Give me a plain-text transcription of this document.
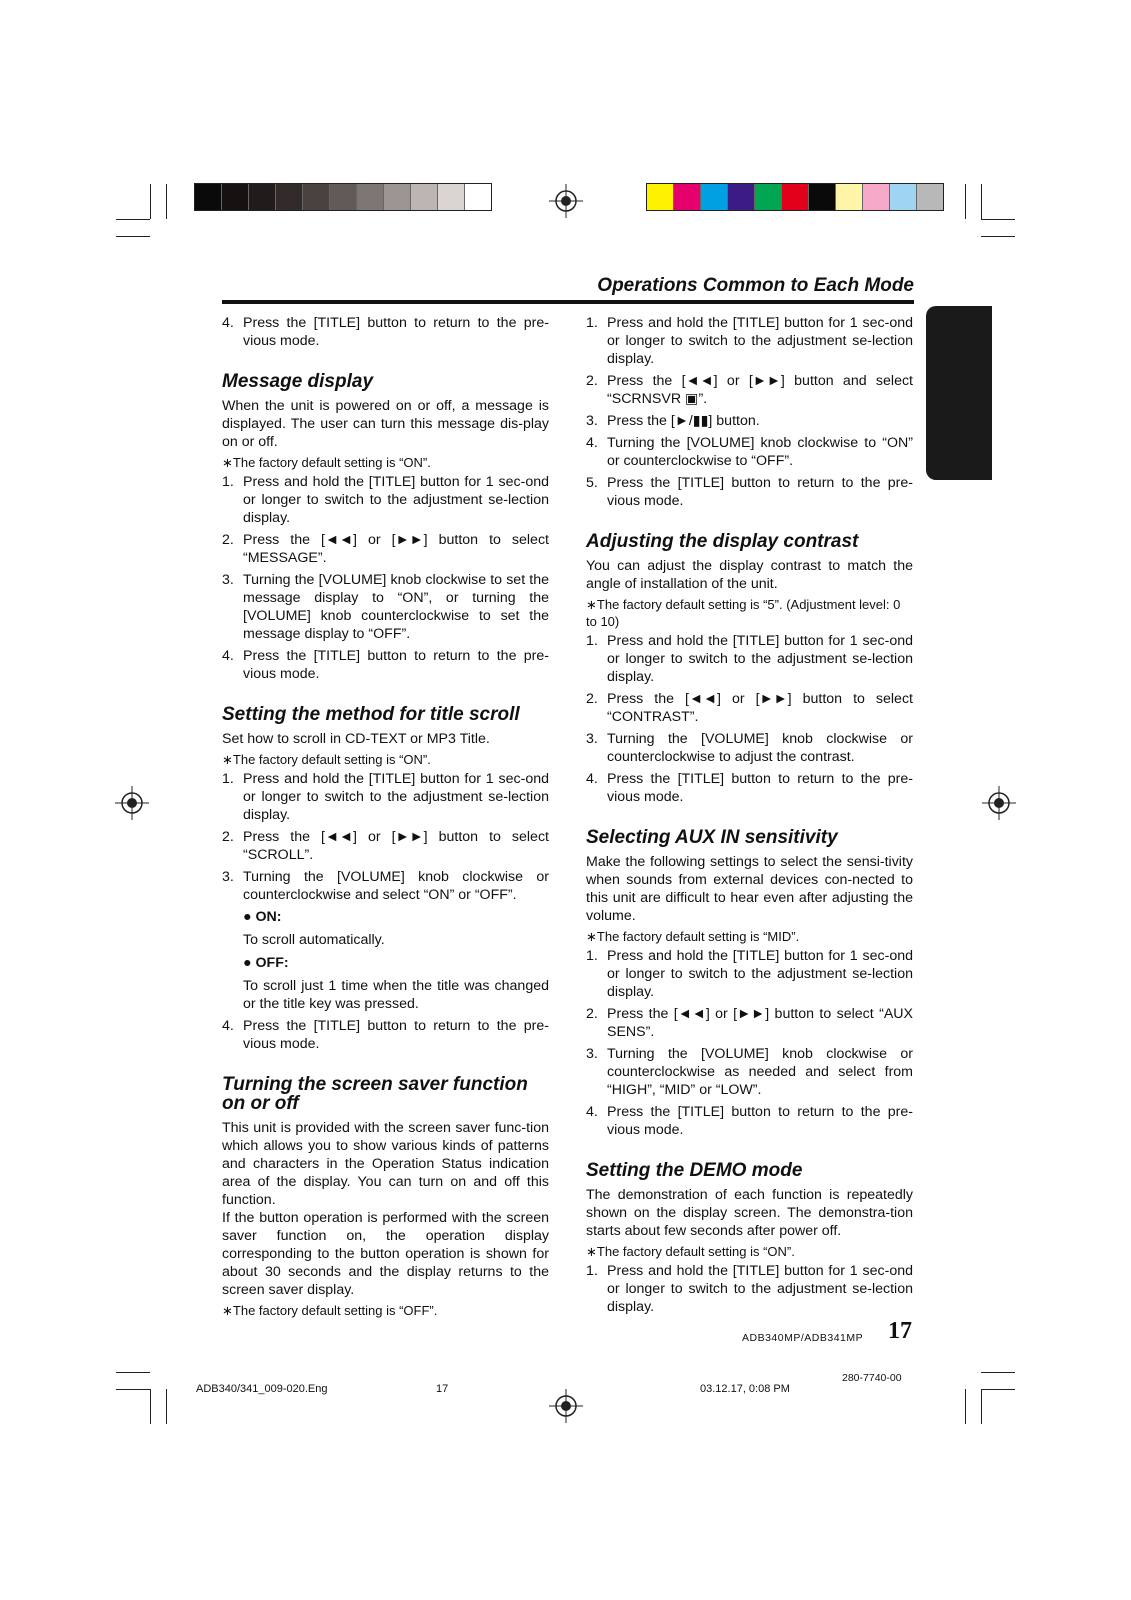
Operations Common to Each Mode
English
4. Press the [TITLE] button to return to the pre-vious mode.
Message display

When the unit is powered on or off, a message is displayed. The user can turn this message dis-play on or off.

∗The factory default setting is “ON”.

1. Press and hold the [TITLE] button for 1 sec-ond or longer to switch to the adjustment se-lection display.
2. Press the [◄◄] or [►►] button to select “MESSAGE”.
3. Turning the [VOLUME] knob clockwise to set the message display to “ON”, or turning the [VOLUME] knob counterclockwise to set the message display to “OFF”.
4. Press the [TITLE] button to return to the pre-vious mode.
Setting the method for title scroll

Set how to scroll in CD-TEXT or MP3 Title.

∗The factory default setting is “ON”.

1. Press and hold the [TITLE] button for 1 sec-ond or longer to switch to the adjustment se-lection display.
2. Press the [◄◄] or [►►] button to select “SCROLL”.
3. Turning the [VOLUME] knob clockwise or counterclockwise and select “ON” or “OFF”.
● ON:
To scroll automatically.
● OFF:
To scroll just 1 time when the title was changed or the title key was pressed.
4. Press the [TITLE] button to return to the pre-vious mode.
Turning the screen saver function on or off

This unit is provided with the screen saver func-tion which allows you to show various kinds of patterns and characters in the Operation Status indication area of the display. You can turn on and off this function.

If the button operation is performed with the screen saver function on, the operation display corresponding to the button operation is shown for about 30 seconds and the display returns to the screen saver display.

∗The factory default setting is “OFF”.

1. Press and hold the [TITLE] button for 1 sec-ond or longer to switch to the adjustment se-lection display.
2. Press the [◄◄] or [►►] button and select “SCRNSVR ▣”.
3. Press the [►/▮▮] button.
4. Turning the [VOLUME] knob clockwise to “ON” or counterclockwise to “OFF”.
5. Press the [TITLE] button to return to the pre-vious mode.
Adjusting the display contrast

You can adjust the display contrast to match the angle of installation of the unit.

∗The factory default setting is “5”. (Adjustment level: 0 to 10)

1. Press and hold the [TITLE] button for 1 sec-ond or longer to switch to the adjustment se-lection display.
2. Press the [◄◄] or [►►] button to select “CONTRAST”.
3. Turning the [VOLUME] knob clockwise or counterclockwise to adjust the contrast.
4. Press the [TITLE] button to return to the pre-vious mode.
Selecting AUX IN sensitivity

Make the following settings to select the sensi-tivity when sounds from external devices con-nected to this unit are difficult to hear even after adjusting the volume.

∗The factory default setting is “MID”.

1. Press and hold the [TITLE] button for 1 sec-ond or longer to switch to the adjustment se-lection display.
2. Press the [◄◄] or [►►] button to select “AUX SENS”.
3. Turning the [VOLUME] knob clockwise or counterclockwise as needed and select from “HIGH”, “MID” or “LOW”.
4. Press the [TITLE] button to return to the pre-vious mode.
Setting the DEMO mode

The demonstration of each function is repeatedly shown on the display screen. The demonstra-tion starts about few seconds after power off.

∗The factory default setting is “ON”.

1. Press and hold the [TITLE] button for 1 sec-ond or longer to switch to the adjustment se-lection display.
ADB340MP/ADB341MP 17
280-7740-00
ADB340/341_009-020.Eng	17	03.12.17, 0:08 PM
